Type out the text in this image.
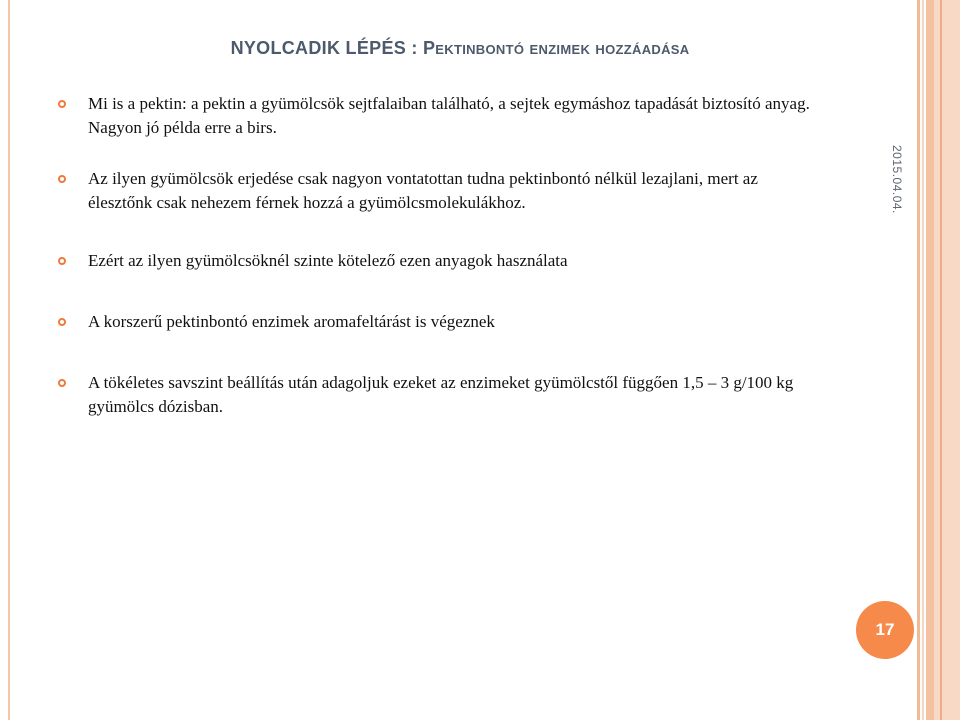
NYOLCADIK LÉPÉS : Pektinbontó enzimek hozzáadása
Mi is a pektin: a pektin a gyümölcsök sejtfalaiban található, a sejtek egymáshoz tapadását biztosító anyag. Nagyon jó példa erre a birs.
Az ilyen gyümölcsök erjedése csak nagyon vontatottan tudna pektinbontó nélkül lezajlani, mert az élesztőnk csak nehezem férnek hozzá a gyümölcsmolekulákhoz.
Ezért az ilyen gyümölcsöknél szinte kötelező ezen anyagok használata
A korszerű pektinbontó enzimek aromafeltárást is végeznek
A tökéletes savszint beállítás után adagoljuk ezeket az enzimeket gyümölcstől függően 1,5 – 3 g/100 kg gyümölcs dózisban.
2015.04.04.
17
